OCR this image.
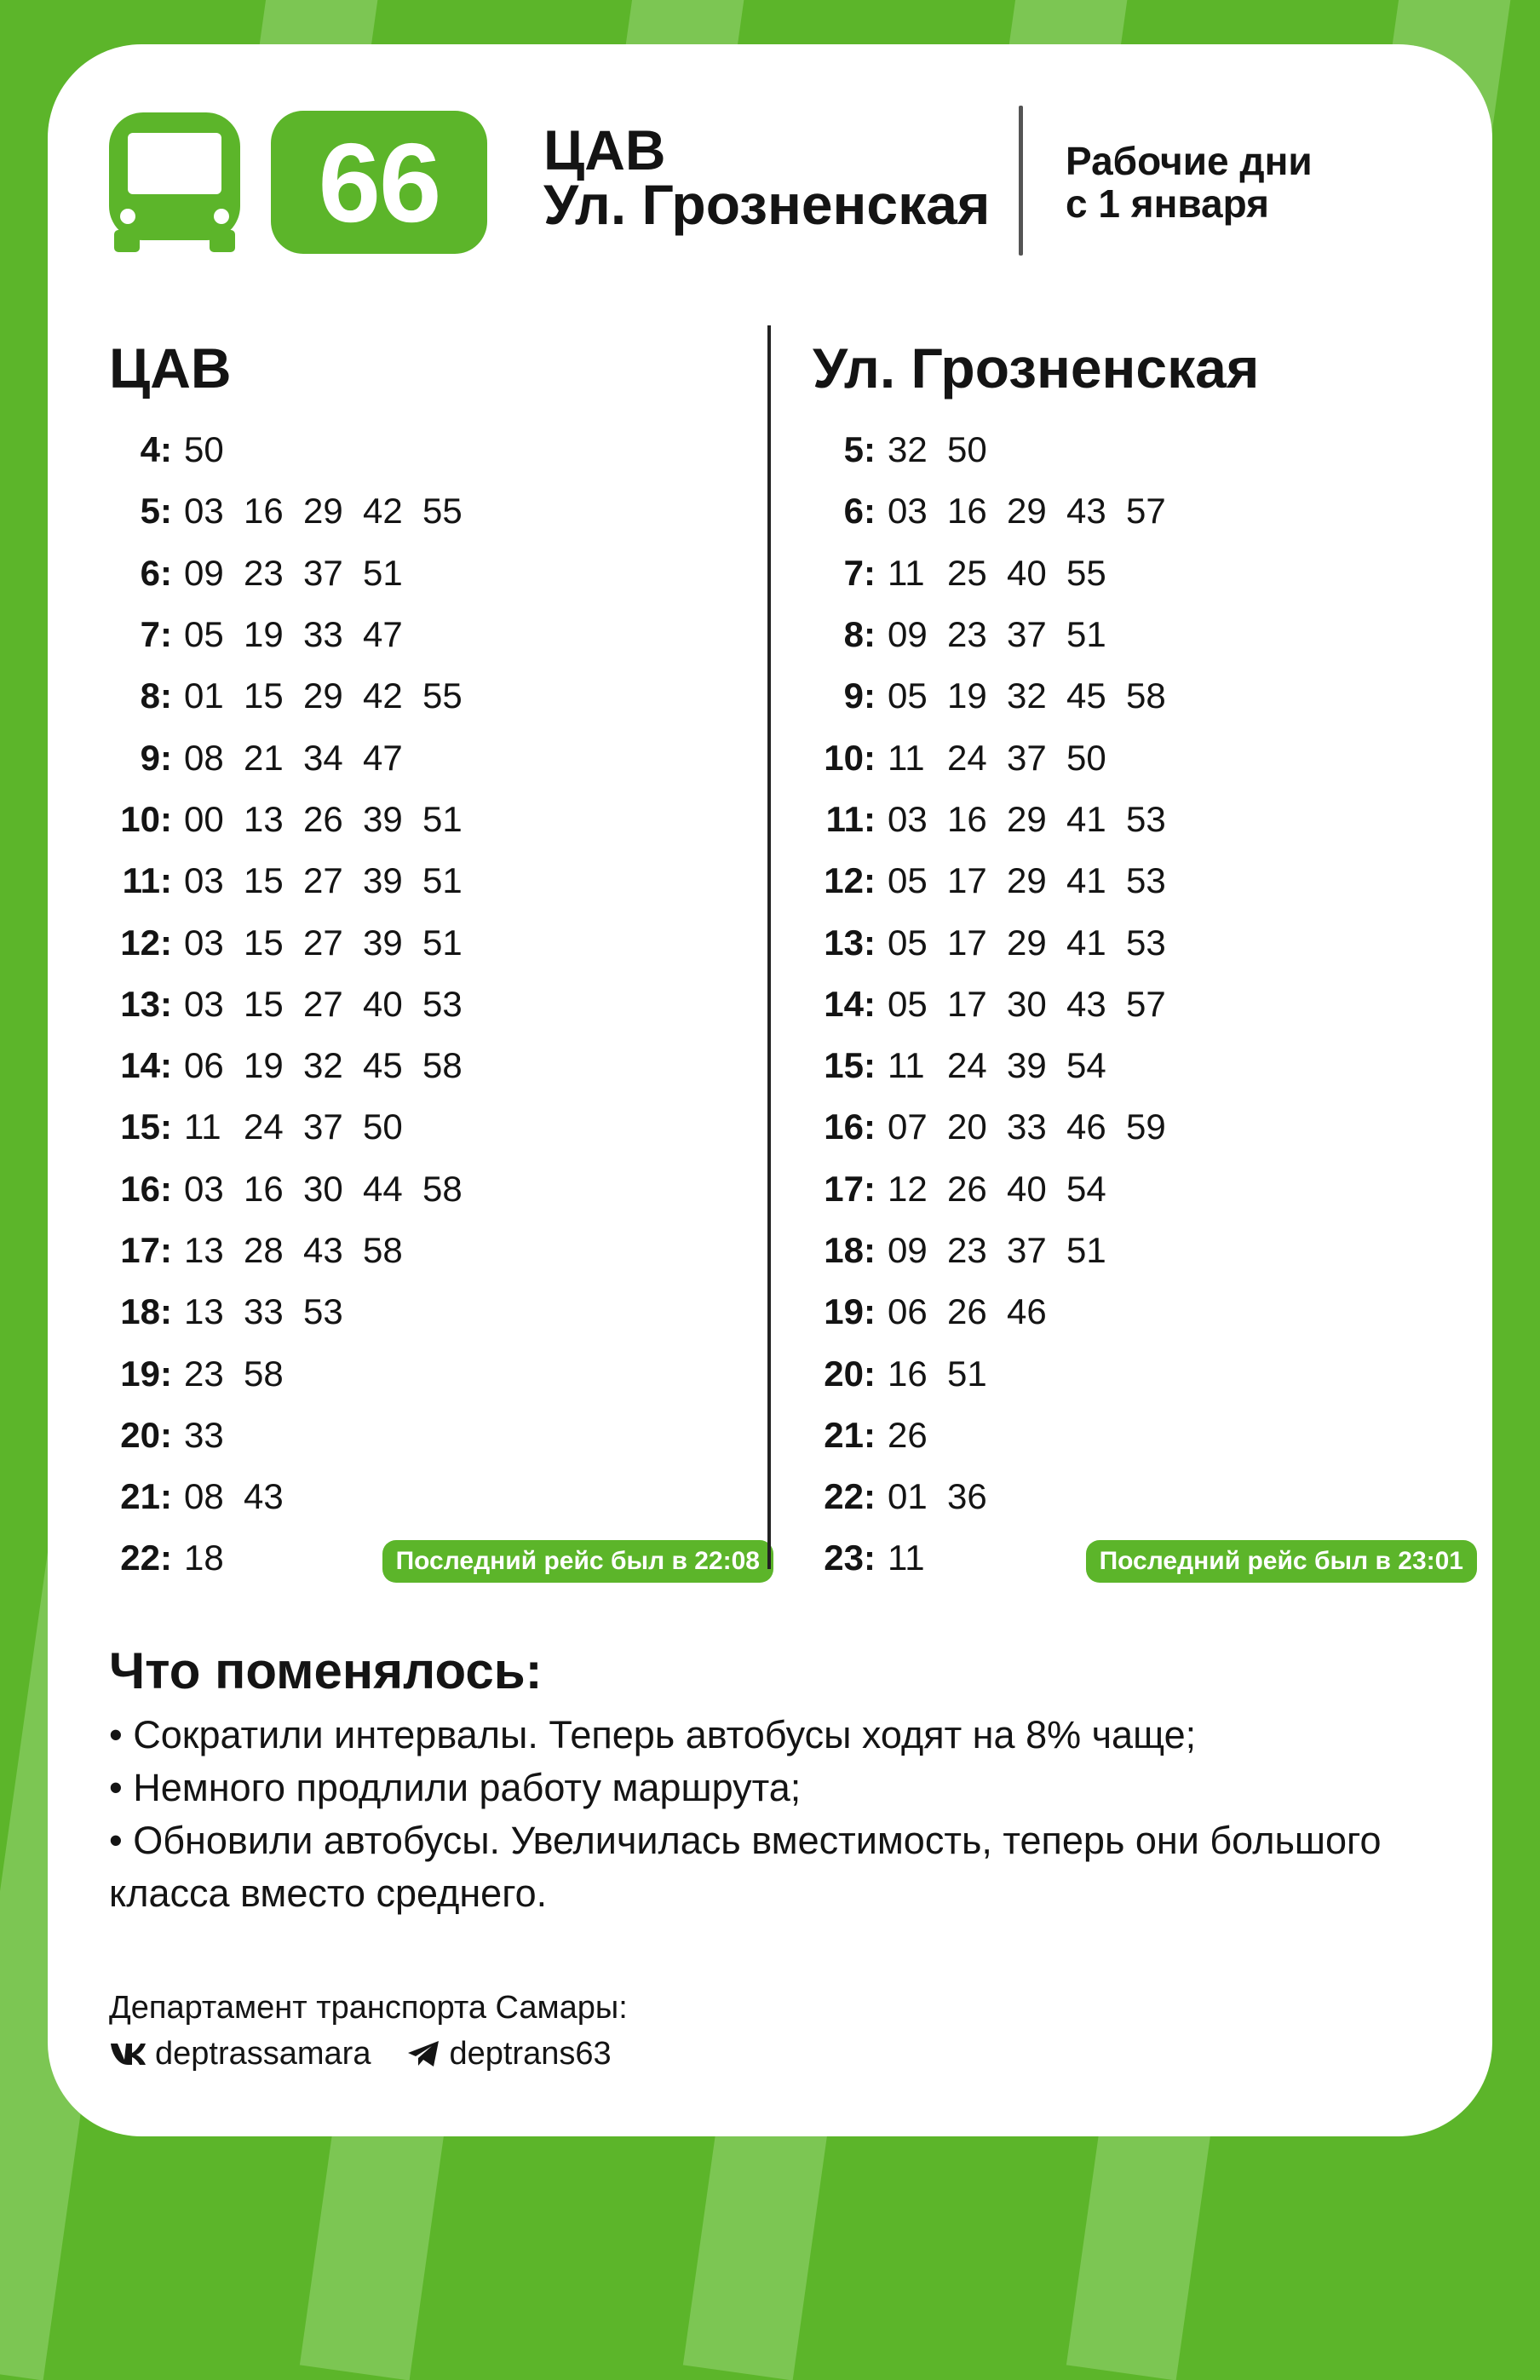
66 ЦАВ
Ул. Грозненская
Рабочие дни
с 1 января
ЦАВ
4: 50
5: 03 16 29 42 55
6: 09 23 37 51
7: 05 19 33 47
8: 01 15 29 42 55
9: 08 21 34 47
10: 00 13 26 39 51
11: 03 15 27 39 51
12: 03 15 27 39 51
13: 03 15 27 40 53
14: 06 19 32 45 58
15: 11 24 37 50
16: 03 16 30 44 58
17: 13 28 43 58
18: 13 33 53
19: 23 58
20: 33
21: 08 43
22: 18	Последний рейс был в 22:08
Ул. Грозненская
5: 32 50
6: 03 16 29 43 57
7: 11 25 40 55
8: 09 23 37 51
9: 05 19 32 45 58
10: 11 24 37 50
11: 03 16 29 41 53
12: 05 17 29 41 53
13: 05 17 29 41 53
14: 05 17 30 43 57
15: 11 24 39 54
16: 07 20 33 46 59
17: 12 26 40 54
18: 09 23 37 51
19: 06 26 46
20: 16 51
21: 26
22: 01 36
23: 11	Последний рейс был в 23:01
Что поменялось:
• Сократили интервалы. Теперь автобусы ходят на 8% чаще;
• Немного продлили работу маршрута;
• Обновили автобусы. Увеличилась вместимость, теперь они большого класса вместо среднего.
Департамент транспорта Самары:
deptrassamara deptrans63
